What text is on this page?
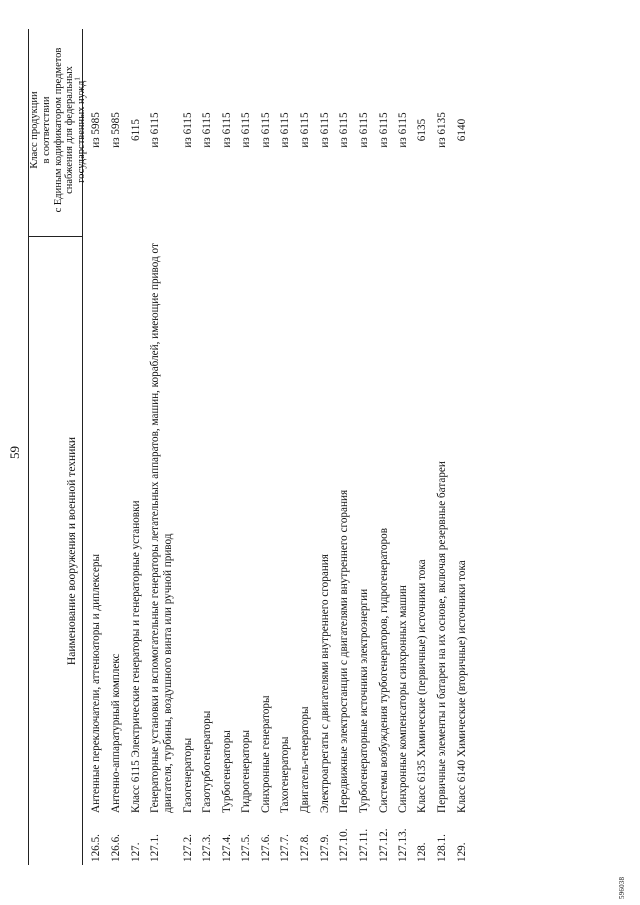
59	Наименование вооружения и военной техники
Класс продукции в соответствии с Единым кодификатором предметов снабжения для федеральных государственных нужд$^1$
126.5.
Антенные переключатели, аттенюаторы и диплексеры
из 5985
126.6.
Антенно-аппаратурный комплекс
из 5985
127.
Класс 6115 Электрические генераторы и генераторные установки
6115
127.1.
Генераторные установки и вспомогательные генераторы летательных аппаратов, машин, кораблей, имеющие привод от двигателя, турбины, воздушного винта или ручной привод
из 6115
127.2.
Газогенераторы
из 6115
127.3.
Газотурбогенераторы
из 6115
127.4.
Турбогенераторы
из 6115
127.5.
Гидрогенераторы
из 6115
127.6.
Синхронные генераторы
из 6115
127.7.
Тахогенераторы
из 6115
127.8.
Двигатель-генераторы
из 6115
127.9.
Электроагрегаты с двигателями внутреннего сгорания
из 6115
127.10.
Передвижные электростанции с двигателями внутреннего сгорания
из 6115
127.11.
Турбогенераторные источники электроэнергии
из 6115
127.12.
Системы возбуждения турбогенераторов, гидрогенераторов
из 6115
127.13.
Синхронные компенсаторы синхронных машин
из 6115
128.
Класс 6135 Химические (первичные) источники тока
6135
128.1.
Первичные элементы и батареи на их основе, включая резервные батареи
из 6135
129.
Класс 6140 Химические (вторичные) источники тока
6140
596038
